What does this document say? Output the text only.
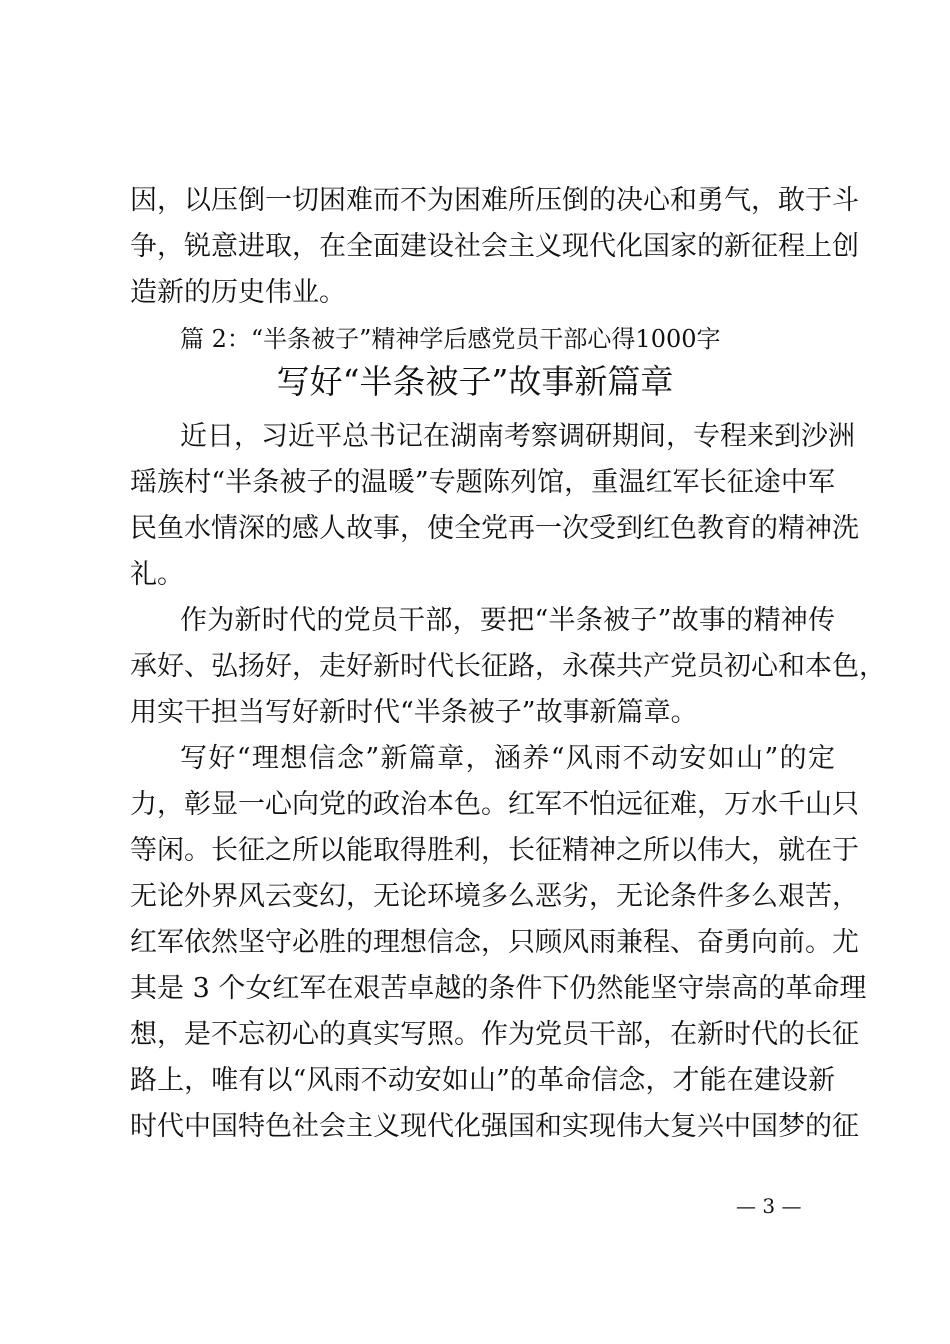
因，以压倒一切困难而不为困难所压倒的决心和勇气，敢于斗
争，锐意进取，在全面建设社会主义现代化国家的新征程上创
造新的历史伟业。
篇 2：“半条被子”精神学后感党员干部心得1000字
写好“半条被子”故事新篇章
近日，习近平总书记在湖南考察调研期间，专程来到沙洲
瑶族村“半条被子的温暖”专题陈列馆，重温红军长征途中军
民鱼水情深的感人故事，使全党再一次受到红色教育的精神洗
礼。
作为新时代的党员干部，要把“半条被子”故事的精神传
承好、弘扬好，走好新时代长征路，永葆共产党员初心和本色，
用实干担当写好新时代“半条被子”故事新篇章。
写好“理想信念”新篇章，涵养“风雨不动安如山”的定
力，彰显一心向党的政治本色。红军不怕远征难，万水千山只
等闲。长征之所以能取得胜利，长征精神之所以伟大，就在于
无论外界风云变幻，无论环境多么恶劣，无论条件多么艰苦，
红军依然坚守必胜的理想信念，只顾风雨兼程、奋勇向前。尤
其是 3 个女红军在艰苦卓越的条件下仍然能坚守崇高的革命理
想，是不忘初心的真实写照。作为党员干部，在新时代的长征
路上，唯有以“风雨不动安如山”的革命信念，才能在建设新
时代中国特色社会主义现代化强国和实现伟大复兴中国梦的征
— 3 —
